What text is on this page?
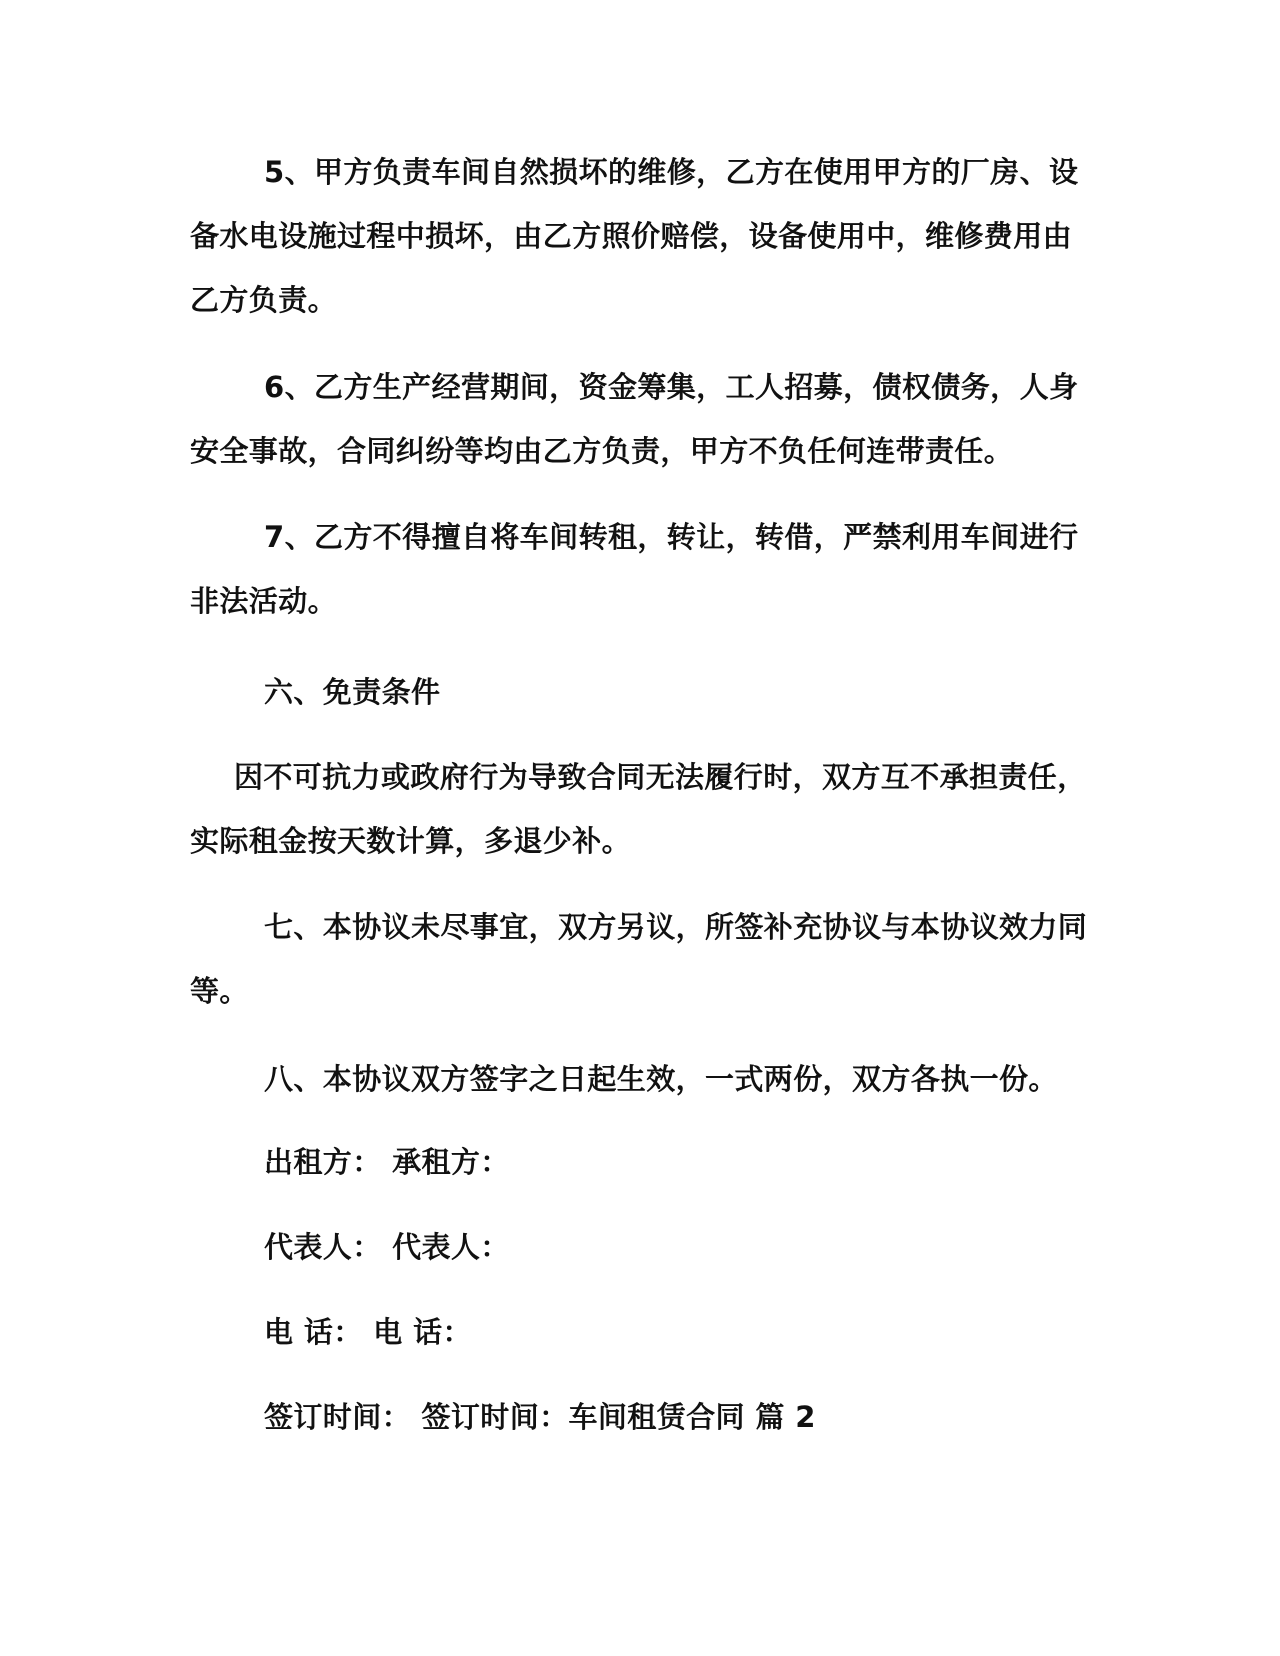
5、甲方负责车间自然损坏的维修，乙方在使用甲方的厂房、设备水电设施过程中损坏，由乙方照价赔偿，设备使用中，维修费用由乙方负责。

6、乙方生产经营期间，资金筹集，工人招募，债权债务，人身安全事故，合同纠纷等均由乙方负责，甲方不负任何连带责任。

7、乙方不得擅自将车间转租，转让，转借，严禁利用车间进行非法活动。

六、免责条件

因不可抗力或政府行为导致合同无法履行时，双方互不承担责任，实际租金按天数计算，多退少补。

七、本协议未尽事宜，双方另议，所签补充协议与本协议效力同等。

八、本协议双方签字之日起生效，一式两份，双方各执一份。

出租方： 承租方：

代表人： 代表人：

电 话： 电 话：

签订时间： 签订时间：车间租赁合同 篇 2
